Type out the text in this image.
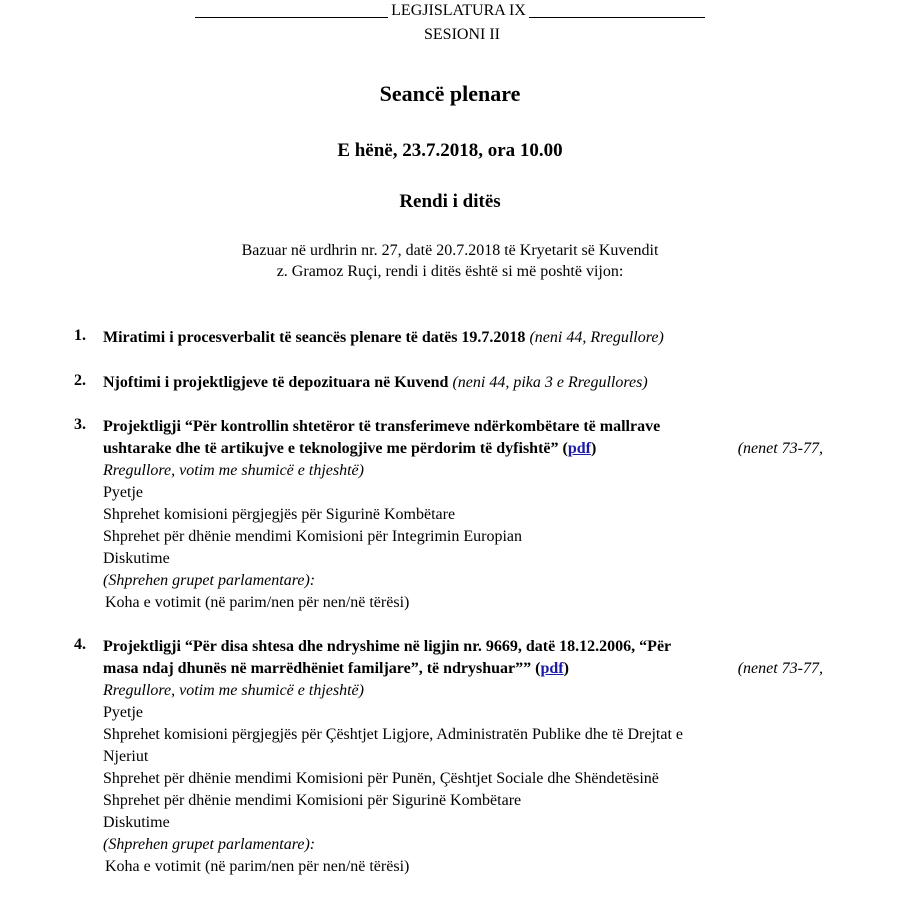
LEGJISLATURA IX
SESIONI II
Seancë plenare
E hënë, 23.7.2018, ora 10.00
Rendi i ditës
Bazuar në urdhrin nr. 27, datë 20.7.2018 të Kryetarit së Kuvendit
z. Gramoz Ruçi, rendi i ditës është si më poshtë vijon:
1. Miratimi i procesverbalit të seancës plenare të datës 19.7.2018 (neni 44, Rregullore)
2. Njoftimi i projektligjeve të depozituara në Kuvend (neni 44, pika 3 e Rregullores)
3. Projektligji “Për kontrollin shtetëror të transferimeve ndërkombëtare të mallrave
ushtarake dhe të artikujve e teknologjive me përdorim të dyfishtë” (pdf)	(nenet 73-77,
Rregullore, votim me shumicë e thjeshtë)
Pyetje
Shprehet komisioni përgjegjës për Sigurinë Kombëtare
Shprehet për dhënie mendimi Komisioni për Integrimin Europian
Diskutime
(Shprehen grupet parlamentare):
Koha e votimit (në parim/nen për nen/në tërësi)
4. Projektligji “Për disa shtesa dhe ndryshime në ligjin nr. 9669, datë 18.12.2006, “Për
masa ndaj dhunës në marrëdhëniet familjare”, të ndryshuar”” (pdf)	(nenet 73-77,
Rregullore, votim me shumicë e thjeshtë)
Pyetje
Shprehet komisioni përgjegjës për Çështjet Ligjore, Administratën Publike dhe të Drejtat e
Njeriut
Shprehet për dhënie mendimi Komisioni për Punën, Çështjet Sociale dhe Shëndetësinë
Shprehet për dhënie mendimi Komisioni për Sigurinë Kombëtare
Diskutime
(Shprehen grupet parlamentare):
Koha e votimit (në parim/nen për nen/në tërësi)
